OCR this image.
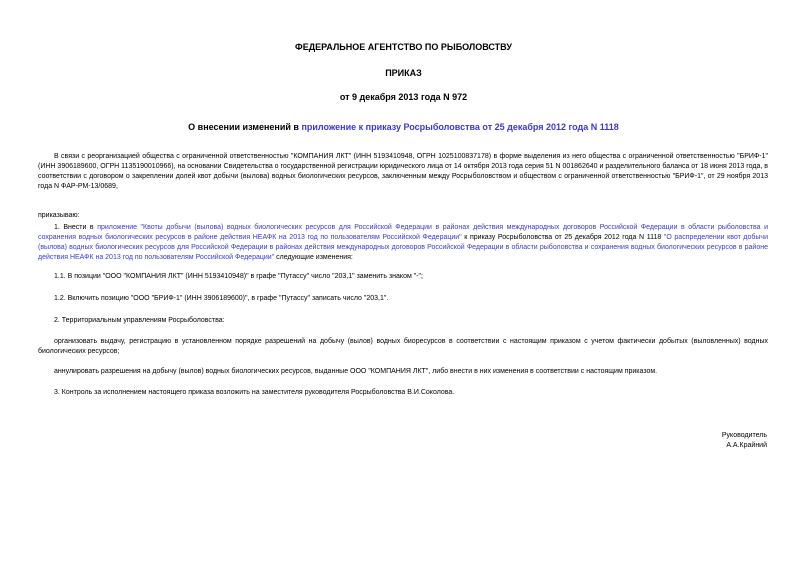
ФЕДЕРАЛЬНОЕ АГЕНТСТВО ПО РЫБОЛОВСТВУ
ПРИКАЗ
от 9 декабря 2013 года N 972
О внесении изменений в приложение к приказу Росрыболовства от 25 декабря 2012 года N 1118
В связи с реорганизацией общества с ограниченной ответственностью "КОМПАНИЯ ЛКТ" (ИНН 5193410948, ОГРН 1025100837178) в форме выделения из него общества с ограниченной ответственностью "БРИФ-1" (ИНН 3906189600, ОГРН 1135190010966), на основании Свидетельства о государственной регистрации юридического лица от 14 октября 2013 года серия 51 N 001862640 и разделительного баланса от 18 июня 2013 года, в соответствии с договором о закреплении долей квот добычи (вылова) водных биологических ресурсов, заключенным между Росрыболовством и обществом с ограниченной ответственностью "БРИФ-1", от 29 ноября 2013 года N ФАР-РМ-13/0689,
приказываю:
1. Внести в приложение "Квоты добычи (вылова) водных биологических ресурсов для Российской Федерации в районах действия международных договоров Российской Федерации в области рыболовства и сохранения водных биологических ресурсов в районе действия НЕАФК на 2013 год по пользователям Российской Федерации" к приказу Росрыболовства от 25 декабря 2012 года N 1118 "О распределении квот добычи (вылова) водных биологических ресурсов для Российской Федерации в районах действия международных договоров Российской Федерации в области рыболовства и сохранения водных биологических ресурсов в районе действия НЕАФК на 2013 год по пользователям Российской Федерации" следующие изменения:
1.1. В позиции "ООО "КОМПАНИЯ ЛКТ" (ИНН 5193410948)" в графе "Путассу" число "203,1" заменить знаком "-";
1.2. Включить позицию "ООО "БРИФ-1" (ИНН 3906189600)", в графе "Путассу" записать число "203,1".
2. Территориальным управлениям Росрыболовства:
организовать выдачу, регистрацию в установленном порядке разрешений на добычу (вылов) водных биоресурсов в соответствии с настоящим приказом с учетом фактически добытых (выловленных) водных биологических ресурсов;
аннулировать разрешения на добычу (вылов) водных биологических ресурсов, выданные ООО "КОМПАНИЯ ЛКТ", либо внести в них изменения в соответствии с настоящим приказом.
3. Контроль за исполнением настоящего приказа возложить на заместителя руководителя Росрыболовства В.И.Соколова.
Руководитель
А.А.Крайний
